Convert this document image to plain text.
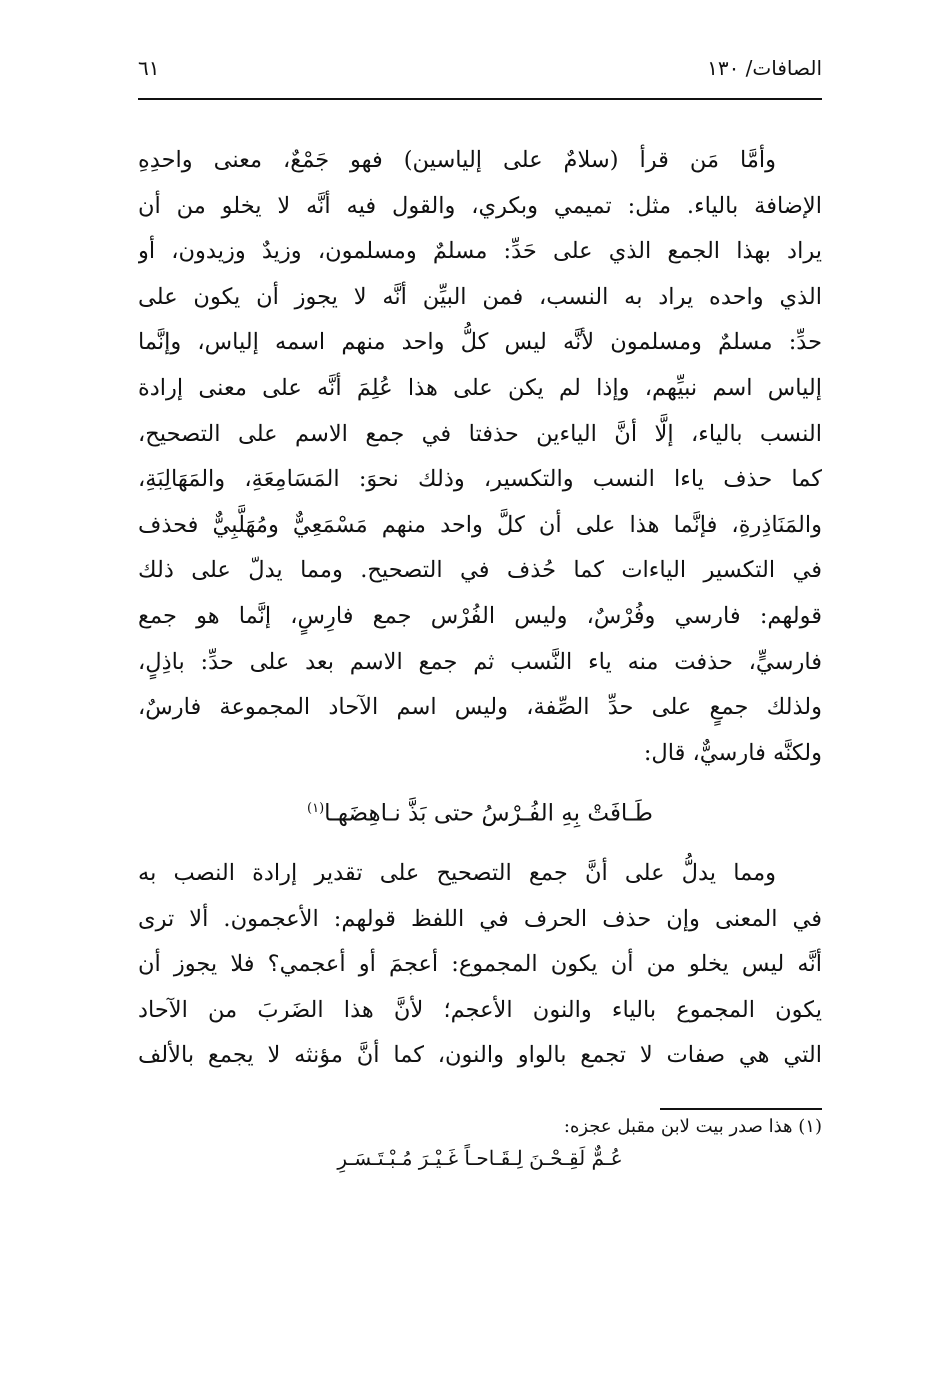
الصافات/ ١٣٠
٦١

وأمَّا مَن قرأ (سلامٌ على إلياسين) فهو جَمْعٌ، معنى واحدِهِ
الإضافة بالياء. مثل: تميمي وبكري، والقول فيه أنَّه لا يخلو من أن
يراد بهذا الجمع الذي على حَدِّ: مسلمٌ ومسلمون، وزيدٌ وزيدون، أو
الذي واحده يراد به النسب، فمن البيِّن أنَّه لا يجوز أن يكون على
حدِّ: مسلمٌ ومسلمون لأنَّه ليس كلُّ واحد منهم اسمه إلياس، وإنَّما
إلياس اسم نبيِّهم، وإذا لم يكن على هذا عُلِمَ أنَّه على معنى إرادة
النسب بالياء، إلَّا أنَّ الياءين حذفتا في جمع الاسم على التصحيح،
كما حذف ياءا النسب والتكسير، وذلك نحوَ: المَسَامِعَةِ، والمَهَالِبَةِ،
والمَنَاذِرةِ، فإنَّما هذا على أن كلَّ واحد منهم مَسْمَعِيٌّ ومُهَلَّبِيٌّ فحذف
في التكسير الياءات كما حُذف في التصحيح. ومما يدلّ على ذلك
قولهم: فارسي وفُرْسٌ، وليس الفُرْس جمع فارِسٍ، إنَّما هو جمع
فارسيٍّ، حذفت منه ياء النَّسب ثم جمع الاسم بعد على حدِّ: باذِلٍ،
ولذلك جمعٍ على حدِّ الصِّفة، وليس اسم الآحاد المجموعة فارسٌ،
ولكنَّه فارسيٌّ، قال:

طَـافَتْ بِهِ الفُـرْسُ حتى بَذَّ نـاهِضَهـا$^{(١)}$

ومما يدلُّ على أنَّ جمع التصحيح على تقدير إرادة النصب به
في المعنى وإن حذف الحرف في اللفظ قولهم: الأعجمون. ألا ترى
أنَّه ليس يخلو من أن يكون المجموع: أعجمَ أو أعجمي؟ فلا يجوز أن
يكون المجموع بالياء والنون الأعجم؛ لأنَّ هذا الضَربَ من الآحاد
التي هي صفات لا تجمع بالواو والنون، كما أنَّ مؤنثه لا يجمع بالألف

(١) هذا صدر بيت لابن مقبل عجزه:
عُـمٌّ لَقِـحْـنَ لِـقَـاحـاً غَـيْـرَ مُـبْـتَـسَـرِ
